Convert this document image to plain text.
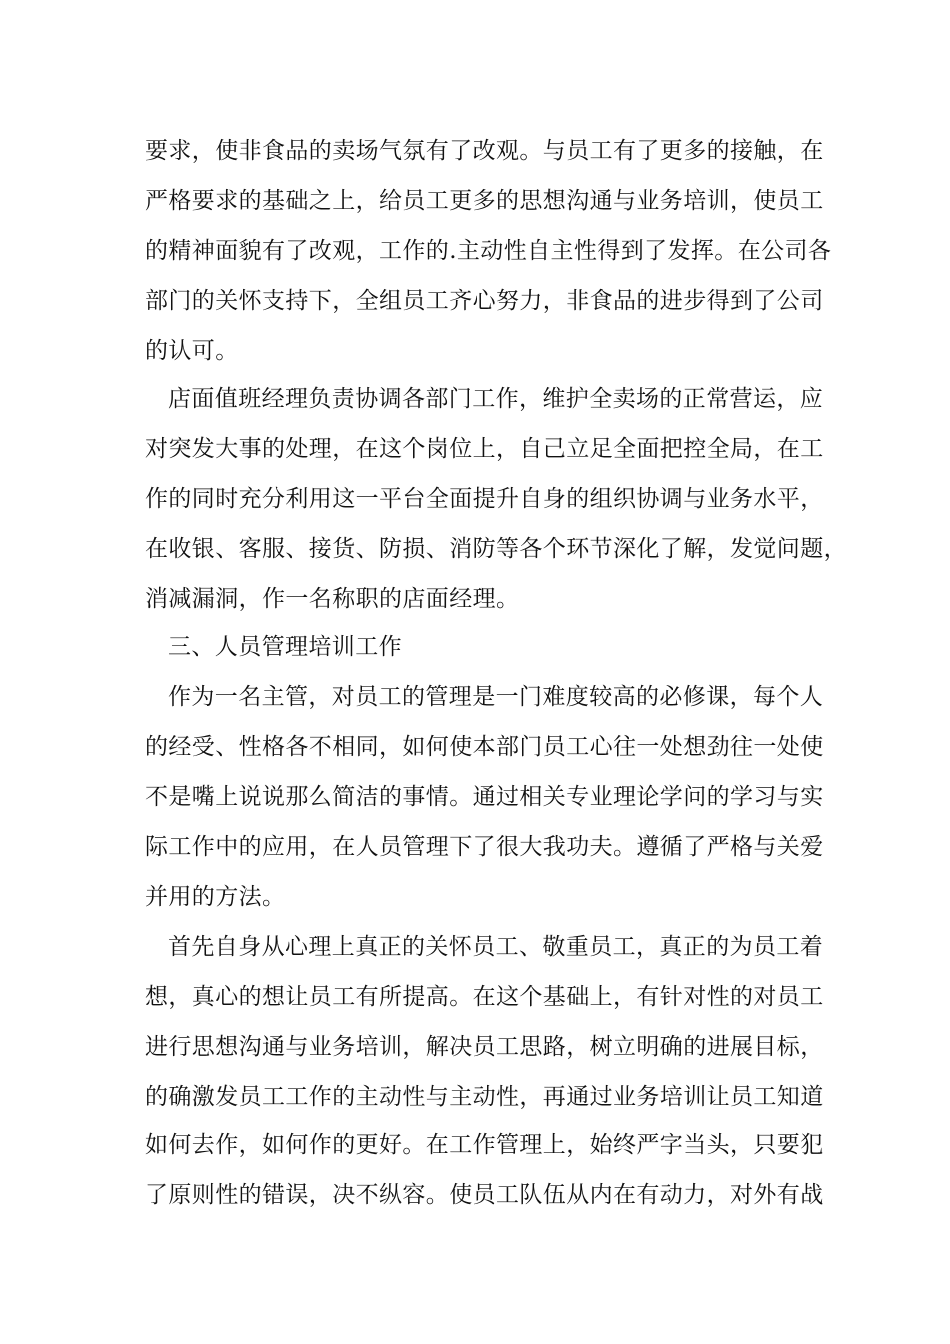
要求，使非食品的卖场气氛有了改观。与员工有了更多的接触，在
严格要求的基础之上，给员工更多的思想沟通与业务培训，使员工
的精神面貌有了改观，工作的.主动性自主性得到了发挥。在公司各
部门的关怀支持下，全组员工齐心努力，非食品的进步得到了公司
的认可。
店面值班经理负责协调各部门工作，维护全卖场的正常营运，应
对突发大事的处理，在这个岗位上，自己立足全面把控全局，在工
作的同时充分利用这一平台全面提升自身的组织协调与业务水平，
在收银、客服、接货、防损、消防等各个环节深化了解，发觉问题，
消减漏洞，作一名称职的店面经理。
三、人员管理培训工作
作为一名主管，对员工的管理是一门难度较高的必修课，每个人
的经受、性格各不相同，如何使本部门员工心往一处想劲往一处使
不是嘴上说说那么简洁的事情。通过相关专业理论学问的学习与实
际工作中的应用，在人员管理下了很大我功夫。遵循了严格与关爱
并用的方法。
首先自身从心理上真正的关怀员工、敬重员工，真正的为员工着
想，真心的想让员工有所提高。在这个基础上，有针对性的对员工
进行思想沟通与业务培训，解决员工思路，树立明确的进展目标，
的确激发员工工作的主动性与主动性，再通过业务培训让员工知道
如何去作，如何作的更好。在工作管理上，始终严字当头，只要犯
了原则性的错误，决不纵容。使员工队伍从内在有动力，对外有战
